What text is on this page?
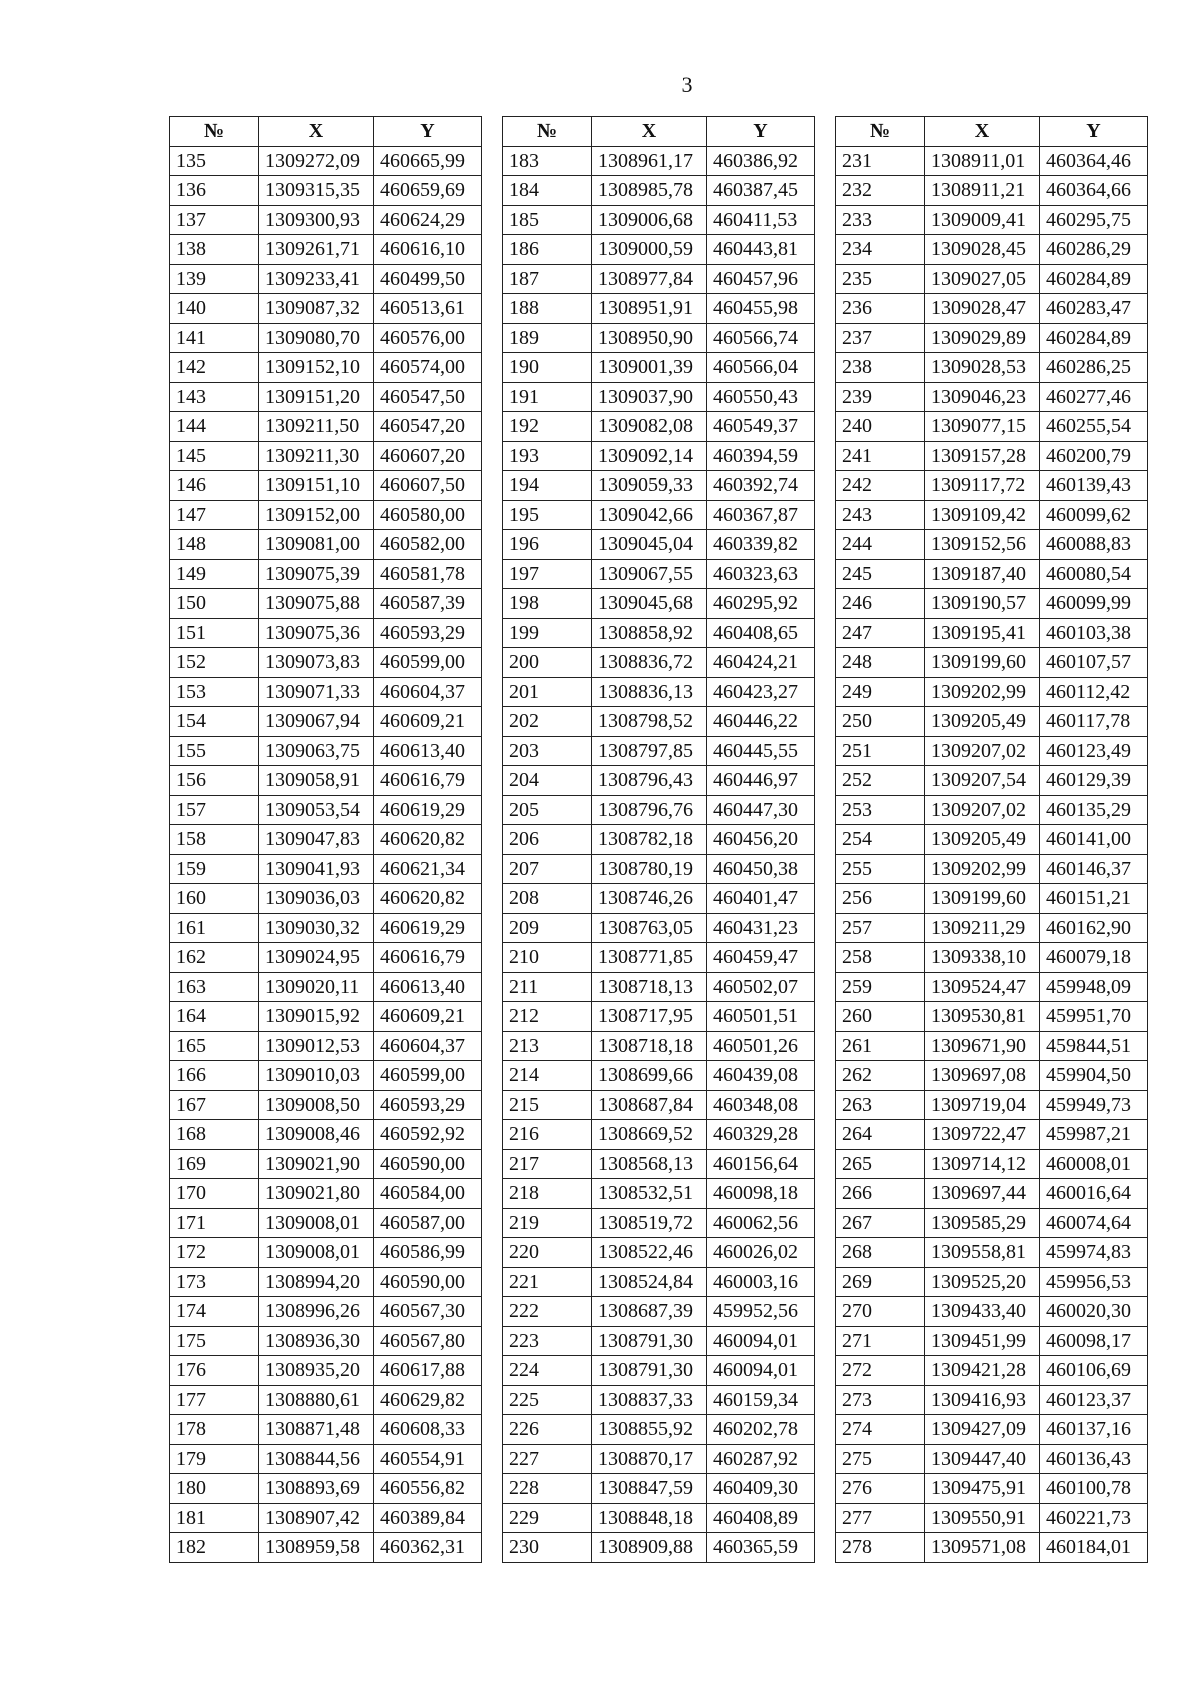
3
№	X	Y
135	1309272,09	460665,99
136	1309315,35	460659,69
137	1309300,93	460624,29
138	1309261,71	460616,10
139	1309233,41	460499,50
140	1309087,32	460513,61
141	1309080,70	460576,00
142	1309152,10	460574,00
143	1309151,20	460547,50
144	1309211,50	460547,20
145	1309211,30	460607,20
146	1309151,10	460607,50
147	1309152,00	460580,00
148	1309081,00	460582,00
149	1309075,39	460581,78
150	1309075,88	460587,39
151	1309075,36	460593,29
152	1309073,83	460599,00
153	1309071,33	460604,37
154	1309067,94	460609,21
155	1309063,75	460613,40
156	1309058,91	460616,79
157	1309053,54	460619,29
158	1309047,83	460620,82
159	1309041,93	460621,34
160	1309036,03	460620,82
161	1309030,32	460619,29
162	1309024,95	460616,79
163	1309020,11	460613,40
164	1309015,92	460609,21
165	1309012,53	460604,37
166	1309010,03	460599,00
167	1309008,50	460593,29
168	1309008,46	460592,92
169	1309021,90	460590,00
170	1309021,80	460584,00
171	1309008,01	460587,00
172	1309008,01	460586,99
173	1308994,20	460590,00
174	1308996,26	460567,30
175	1308936,30	460567,80
176	1308935,20	460617,88
177	1308880,61	460629,82
178	1308871,48	460608,33
179	1308844,56	460554,91
180	1308893,69	460556,82
181	1308907,42	460389,84
182	1308959,58	460362,31
№	X	Y
183	1308961,17	460386,92
184	1308985,78	460387,45
185	1309006,68	460411,53
186	1309000,59	460443,81
187	1308977,84	460457,96
188	1308951,91	460455,98
189	1308950,90	460566,74
190	1309001,39	460566,04
191	1309037,90	460550,43
192	1309082,08	460549,37
193	1309092,14	460394,59
194	1309059,33	460392,74
195	1309042,66	460367,87
196	1309045,04	460339,82
197	1309067,55	460323,63
198	1309045,68	460295,92
199	1308858,92	460408,65
200	1308836,72	460424,21
201	1308836,13	460423,27
202	1308798,52	460446,22
203	1308797,85	460445,55
204	1308796,43	460446,97
205	1308796,76	460447,30
206	1308782,18	460456,20
207	1308780,19	460450,38
208	1308746,26	460401,47
209	1308763,05	460431,23
210	1308771,85	460459,47
211	1308718,13	460502,07
212	1308717,95	460501,51
213	1308718,18	460501,26
214	1308699,66	460439,08
215	1308687,84	460348,08
216	1308669,52	460329,28
217	1308568,13	460156,64
218	1308532,51	460098,18
219	1308519,72	460062,56
220	1308522,46	460026,02
221	1308524,84	460003,16
222	1308687,39	459952,56
223	1308791,30	460094,01
224	1308791,30	460094,01
225	1308837,33	460159,34
226	1308855,92	460202,78
227	1308870,17	460287,92
228	1308847,59	460409,30
229	1308848,18	460408,89
230	1308909,88	460365,59
№	X	Y
231	1308911,01	460364,46
232	1308911,21	460364,66
233	1309009,41	460295,75
234	1309028,45	460286,29
235	1309027,05	460284,89
236	1309028,47	460283,47
237	1309029,89	460284,89
238	1309028,53	460286,25
239	1309046,23	460277,46
240	1309077,15	460255,54
241	1309157,28	460200,79
242	1309117,72	460139,43
243	1309109,42	460099,62
244	1309152,56	460088,83
245	1309187,40	460080,54
246	1309190,57	460099,99
247	1309195,41	460103,38
248	1309199,60	460107,57
249	1309202,99	460112,42
250	1309205,49	460117,78
251	1309207,02	460123,49
252	1309207,54	460129,39
253	1309207,02	460135,29
254	1309205,49	460141,00
255	1309202,99	460146,37
256	1309199,60	460151,21
257	1309211,29	460162,90
258	1309338,10	460079,18
259	1309524,47	459948,09
260	1309530,81	459951,70
261	1309671,90	459844,51
262	1309697,08	459904,50
263	1309719,04	459949,73
264	1309722,47	459987,21
265	1309714,12	460008,01
266	1309697,44	460016,64
267	1309585,29	460074,64
268	1309558,81	459974,83
269	1309525,20	459956,53
270	1309433,40	460020,30
271	1309451,99	460098,17
272	1309421,28	460106,69
273	1309416,93	460123,37
274	1309427,09	460137,16
275	1309447,40	460136,43
276	1309475,91	460100,78
277	1309550,91	460221,73
278	1309571,08	460184,01
